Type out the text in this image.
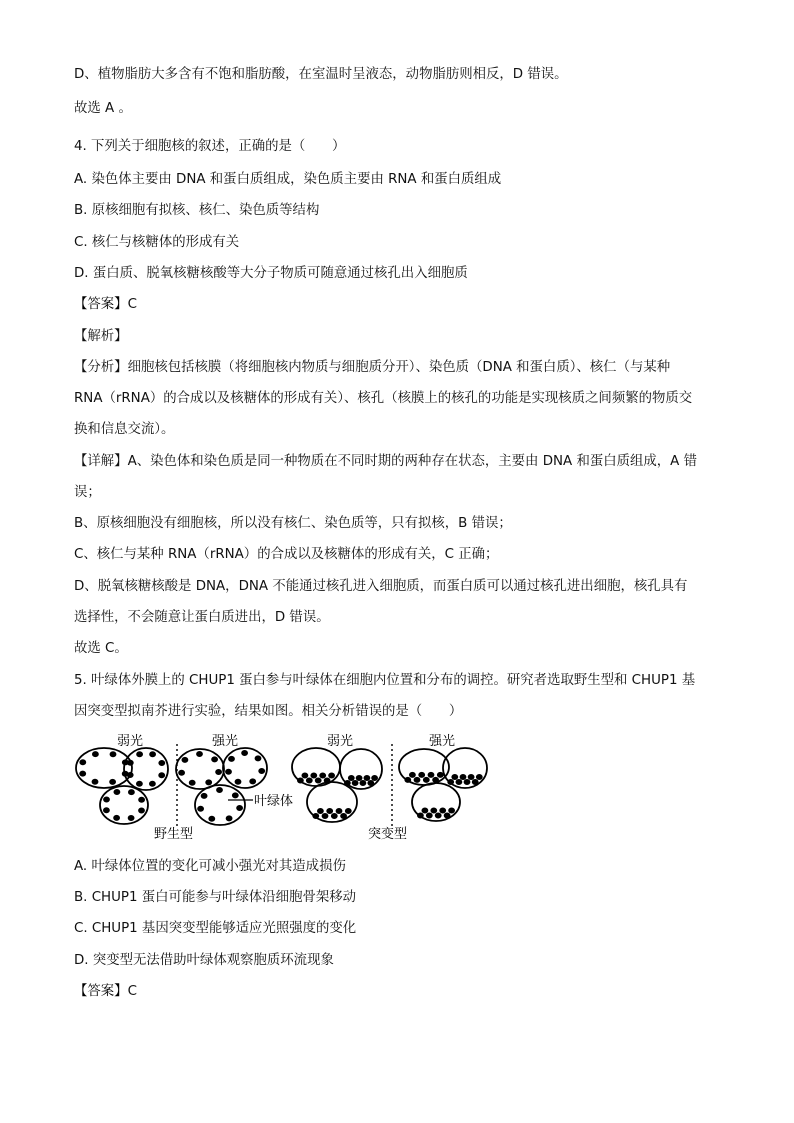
D、植物脂肪大多含有不饱和脂肪酸，在室温时呈液态，动物脂肪则相反，D 错误。
故选 A 。
4. 下列关于细胞核的叙述，正确的是（　　）
A. 染色体主要由 DNA 和蛋白质组成，染色质主要由 RNA 和蛋白质组成
B. 原核细胞有拟核、核仁、染色质等结构
C. 核仁与核糖体的形成有关
D. 蛋白质、脱氧核糖核酸等大分子物质可随意通过核孔出入细胞质
【答案】C
【解析】
【分析】细胞核包括核膜（将细胞核内物质与细胞质分开）、染色质（DNA 和蛋白质）、核仁（与某种
RNA（rRNA）的合成以及核糖体的形成有关）、核孔（核膜上的核孔的功能是实现核质之间频繁的物质交
换和信息交流）。
【详解】A、染色体和染色质是同一种物质在不同时期的两种存在状态，主要由 DNA 和蛋白质组成，A 错
误；
B、原核细胞没有细胞核，所以没有核仁、染色质等，只有拟核，B 错误；
C、核仁与某种 RNA（rRNA）的合成以及核糖体的形成有关，C 正确；
D、脱氧核糖核酸是 DNA，DNA 不能通过核孔进入细胞质，而蛋白质可以通过核孔进出细胞，核孔具有
选择性，不会随意让蛋白质进出，D 错误。
故选 C。
5. 叶绿体外膜上的 CHUP1 蛋白参与叶绿体在细胞内位置和分布的调控。研究者选取野生型和 CHUP1 基
因突变型拟南芥进行实验，结果如图。相关分析错误的是（　　）
弱光	强光	弱光	强光
叶绿体
野生型	突变型
A. 叶绿体位置的变化可减小强光对其造成损伤
B. CHUP1 蛋白可能参与叶绿体沿细胞骨架移动
C. CHUP1 基因突变型能够适应光照强度的变化
D. 突变型无法借助叶绿体观察胞质环流现象
【答案】C
